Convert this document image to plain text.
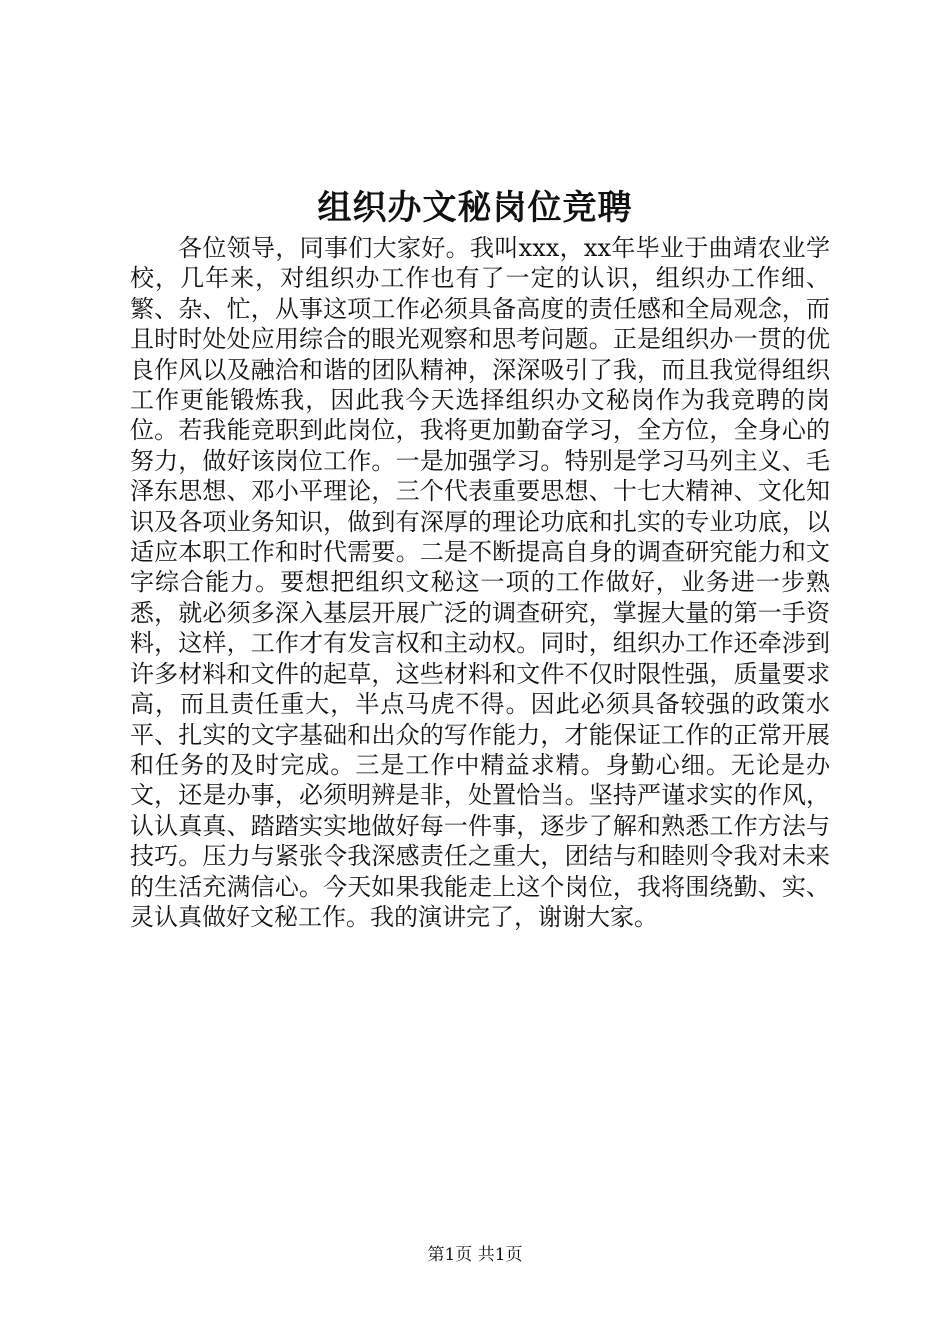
组织办文秘岗位竞聘

各位领导，同事们大家好。我叫xxx，xx年毕业于曲靖农业学校，几年来，对组织办工作也有了一定的认识，组织办工作细、繁、杂、忙，从事这项工作必须具备高度的责任感和全局观念，而且时时处处应用综合的眼光观察和思考问题。正是组织办一贯的优良作风以及融洽和谐的团队精神，深深吸引了我，而且我觉得组织工作更能锻炼我，因此我今天选择组织办文秘岗作为我竞聘的岗位。若我能竞职到此岗位，我将更加勤奋学习，全方位，全身心的努力，做好该岗位工作。一是加强学习。特别是学习马列主义、毛泽东思想、邓小平理论，三个代表重要思想、十七大精神、文化知识及各项业务知识，做到有深厚的理论功底和扎实的专业功底，以适应本职工作和时代需要。二是不断提高自身的调查研究能力和文字综合能力。要想把组织文秘这一项的工作做好，业务进一步熟悉，就必须多深入基层开展广泛的调查研究，掌握大量的第一手资料，这样，工作才有发言权和主动权。同时，组织办工作还牵涉到许多材料和文件的起草，这些材料和文件不仅时限性强，质量要求高，而且责任重大，半点马虎不得。因此必须具备较强的政策水平、扎实的文字基础和出众的写作能力，才能保证工作的正常开展和任务的及时完成。三是工作中精益求精。身勤心细。无论是办文，还是办事，必须明辨是非，处置恰当。坚持严谨求实的作风，认认真真、踏踏实实地做好每一件事，逐步了解和熟悉工作方法与技巧。压力与紧张令我深感责任之重大，团结与和睦则令我对未来的生活充满信心。今天如果我能走上这个岗位，我将围绕勤、实、灵认真做好文秘工作。我的演讲完了，谢谢大家。

第1页 共1页
